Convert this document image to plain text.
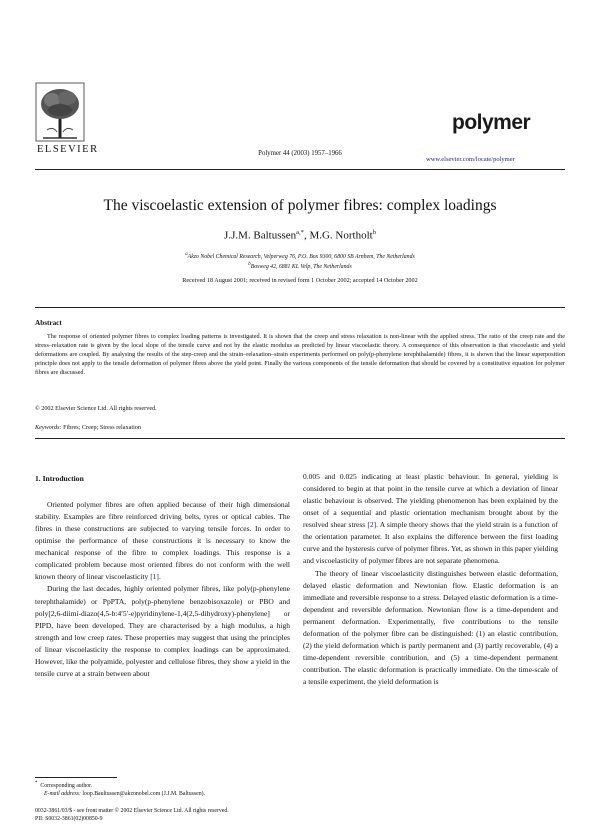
ELSEVIER	Polymer 44 (2003) 1957–1966
polymer
www.elsevier.com/locate/polymer
The viscoelastic extension of polymer fibres: complex loadings
J.J.M. Baltussen$^{a,*}$, M.G. Northolt$^b$
$^a$Akzo Nobel Chemical Research, Velperweg 76, P.O. Box 9300, 6800 SB Arnhem, The Netherlands
$^b$Bosweg 42, 6881 KL Velp, The Netherlands
Received 18 August 2001; received in revised form 1 October 2002; accepted 14 October 2002
Abstract

The response of oriented polymer fibres to complex loading patterns is investigated. It is shown that the creep and stress relaxation is non-linear with the applied stress. The ratio of the creep rate and the stress–relaxation rate is given by the local slope of the tensile curve and not by the elastic modulus as predicted by linear viscoelastic theory. A consequence of this observation is that viscoelastic and yield deformations are coupled. By analysing the results of the step-creep and the strain–relaxation–strain experiments performed on poly(p-phenylene terephthalamide) fibres, it is shown that the linear superposition principle does not apply to the tensile deformation of polymer fibres above the yield point. Finally the various components of the tensile deformation that should be covered by a constitutive equation for polymer fibres are discussed.

© 2002 Elsevier Science Ltd. All rights reserved.
Keywords: Fibres; Creep; Stress relaxation
1. Introduction

Oriented polymer fibres are often applied because of their high dimensional stability. Examples are fibre reinforced driving belts, tyres or optical cables. The fibres in these constructions are subjected to varying tensile forces. In order to optimise the performance of these constructions it is necessary to know the mechanical response of the fibre to complex loadings. This response is a complicated problem because most oriented fibres do not conform with the well known theory of linear viscoelasticity [1].

During the last decades, highly oriented polymer fibres, like poly(p-phenylene terephthalamide) or PpPTA, poly(p-phenylene benzobisoxazole) or PBO and poly[2,6-diimi-diazo(4,5-b:4′5′-e)pyridinylene-1,4(2,5-dihydroxy)-phenylene] or PIPD, have been developed. They are characterised by a high modulus, a high strength and low creep rates. These properties may suggest that using the principles of linear viscoelasticity the response to complex loadings can be approximated. However, like the polyamide, polyester and cellulose fibres, they show a yield in the tensile curve at a strain between about

0.005 and 0.025 indicating at least plastic behaviour. In general, yielding is considered to begin at that point in the tensile curve at which a deviation of linear elastic behaviour is observed. The yielding phenomenon has been explained by the onset of a sequential and plastic orientation mechanism brought about by the resolved shear stress [2]. A simple theory shows that the yield strain is a function of the orientation parameter. It also explains the difference between the first loading curve and the hysteresis curve of polymer fibres. Yet, as shown in this paper yielding and viscoelasticity of polymer fibres are not separate phenomena.

The theory of linear viscoelasticity distinguishes between elastic deformation, delayed elastic deformation and Newtonian flow. Elastic deformation is an immediate and reversible response to a stress. Delayed elastic deformation is a time-dependent and reversible deformation. Newtonian flow is a time-dependent and permanent deformation. Experimentally, five contributions to the tensile deformation of the polymer fibre can be distinguished: (1) an elastic contribution, (2) the yield deformation which is partly permanent and (3) partly recoverable, (4) a time-dependent reversible contribution, and (5) a time-dependent permanent contribution. The elastic deformation is practically immediate. On the time-scale of a tensile experiment, the yield deformation is

* Corresponding author.
E-mail address: loop.Baultussen@akzonobel.com (J.J.M. Baltussen).
0032-3861/03/$ - see front matter © 2002 Elsevier Science Ltd. All rights reserved.
PII: S0032-3861(02)00850-9
